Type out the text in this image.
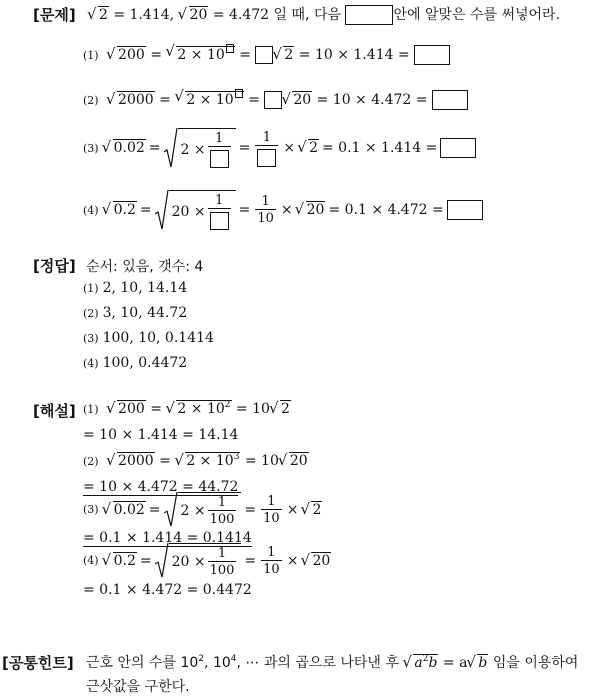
[문제]
√	2 = 1.414, √ 20 = 4.472 일 때, 다음	안에 알맞은 수를 써넣어라.
(1) √ 200 = √ 2 × 10 = √ 2 = 10 × 1.414 =
(2) √ 2000 = √ 2 × 10 = √ 20 = 10 × 4.472 =
(3)
√	0.02 = 2 ×
1
=
1
×
√	2 = 0.1 × 1.414 =
(4)
√	0.2 = 20 ×
1
= $\frac{1}{10}$ ×
√	20 = 0.1 × 4.472 =
[정답] 순서: 있음, 갯수: 4
(1) 2, 10, 14.14
(2) 3, 10, 44.72
(3) 100, 10, 0.1414
(4) 100, 0.4472
[해설] (1) √ 200 = √ $2 \times 10^2 = 10√$ 2
= 10 × 1.414 = 14.14
(2) √ 2000 = √ $2 \times 10^3 = 10√$ 20
= 10 × 4.472 = 44.72
(3)
√	$0.02 = 2 \times \frac{1}{100} = \frac{1}{10}$ ×
√	2
= 0.1 × 1.414 = 0.1414
(4)
√	$0.2 = 20 \times \frac{1}{100} = \frac{1}{10}$ ×
√	20
= 0.1 × 4.472 = 0.4472
[공통힌트] 근호 안의 수를 $10^2$, $10^4$, ⋯ 과의 곱으로 나타낸 후 √ $a^2b = a√$ b 임을 이용하여
근삿값을 구한다.
